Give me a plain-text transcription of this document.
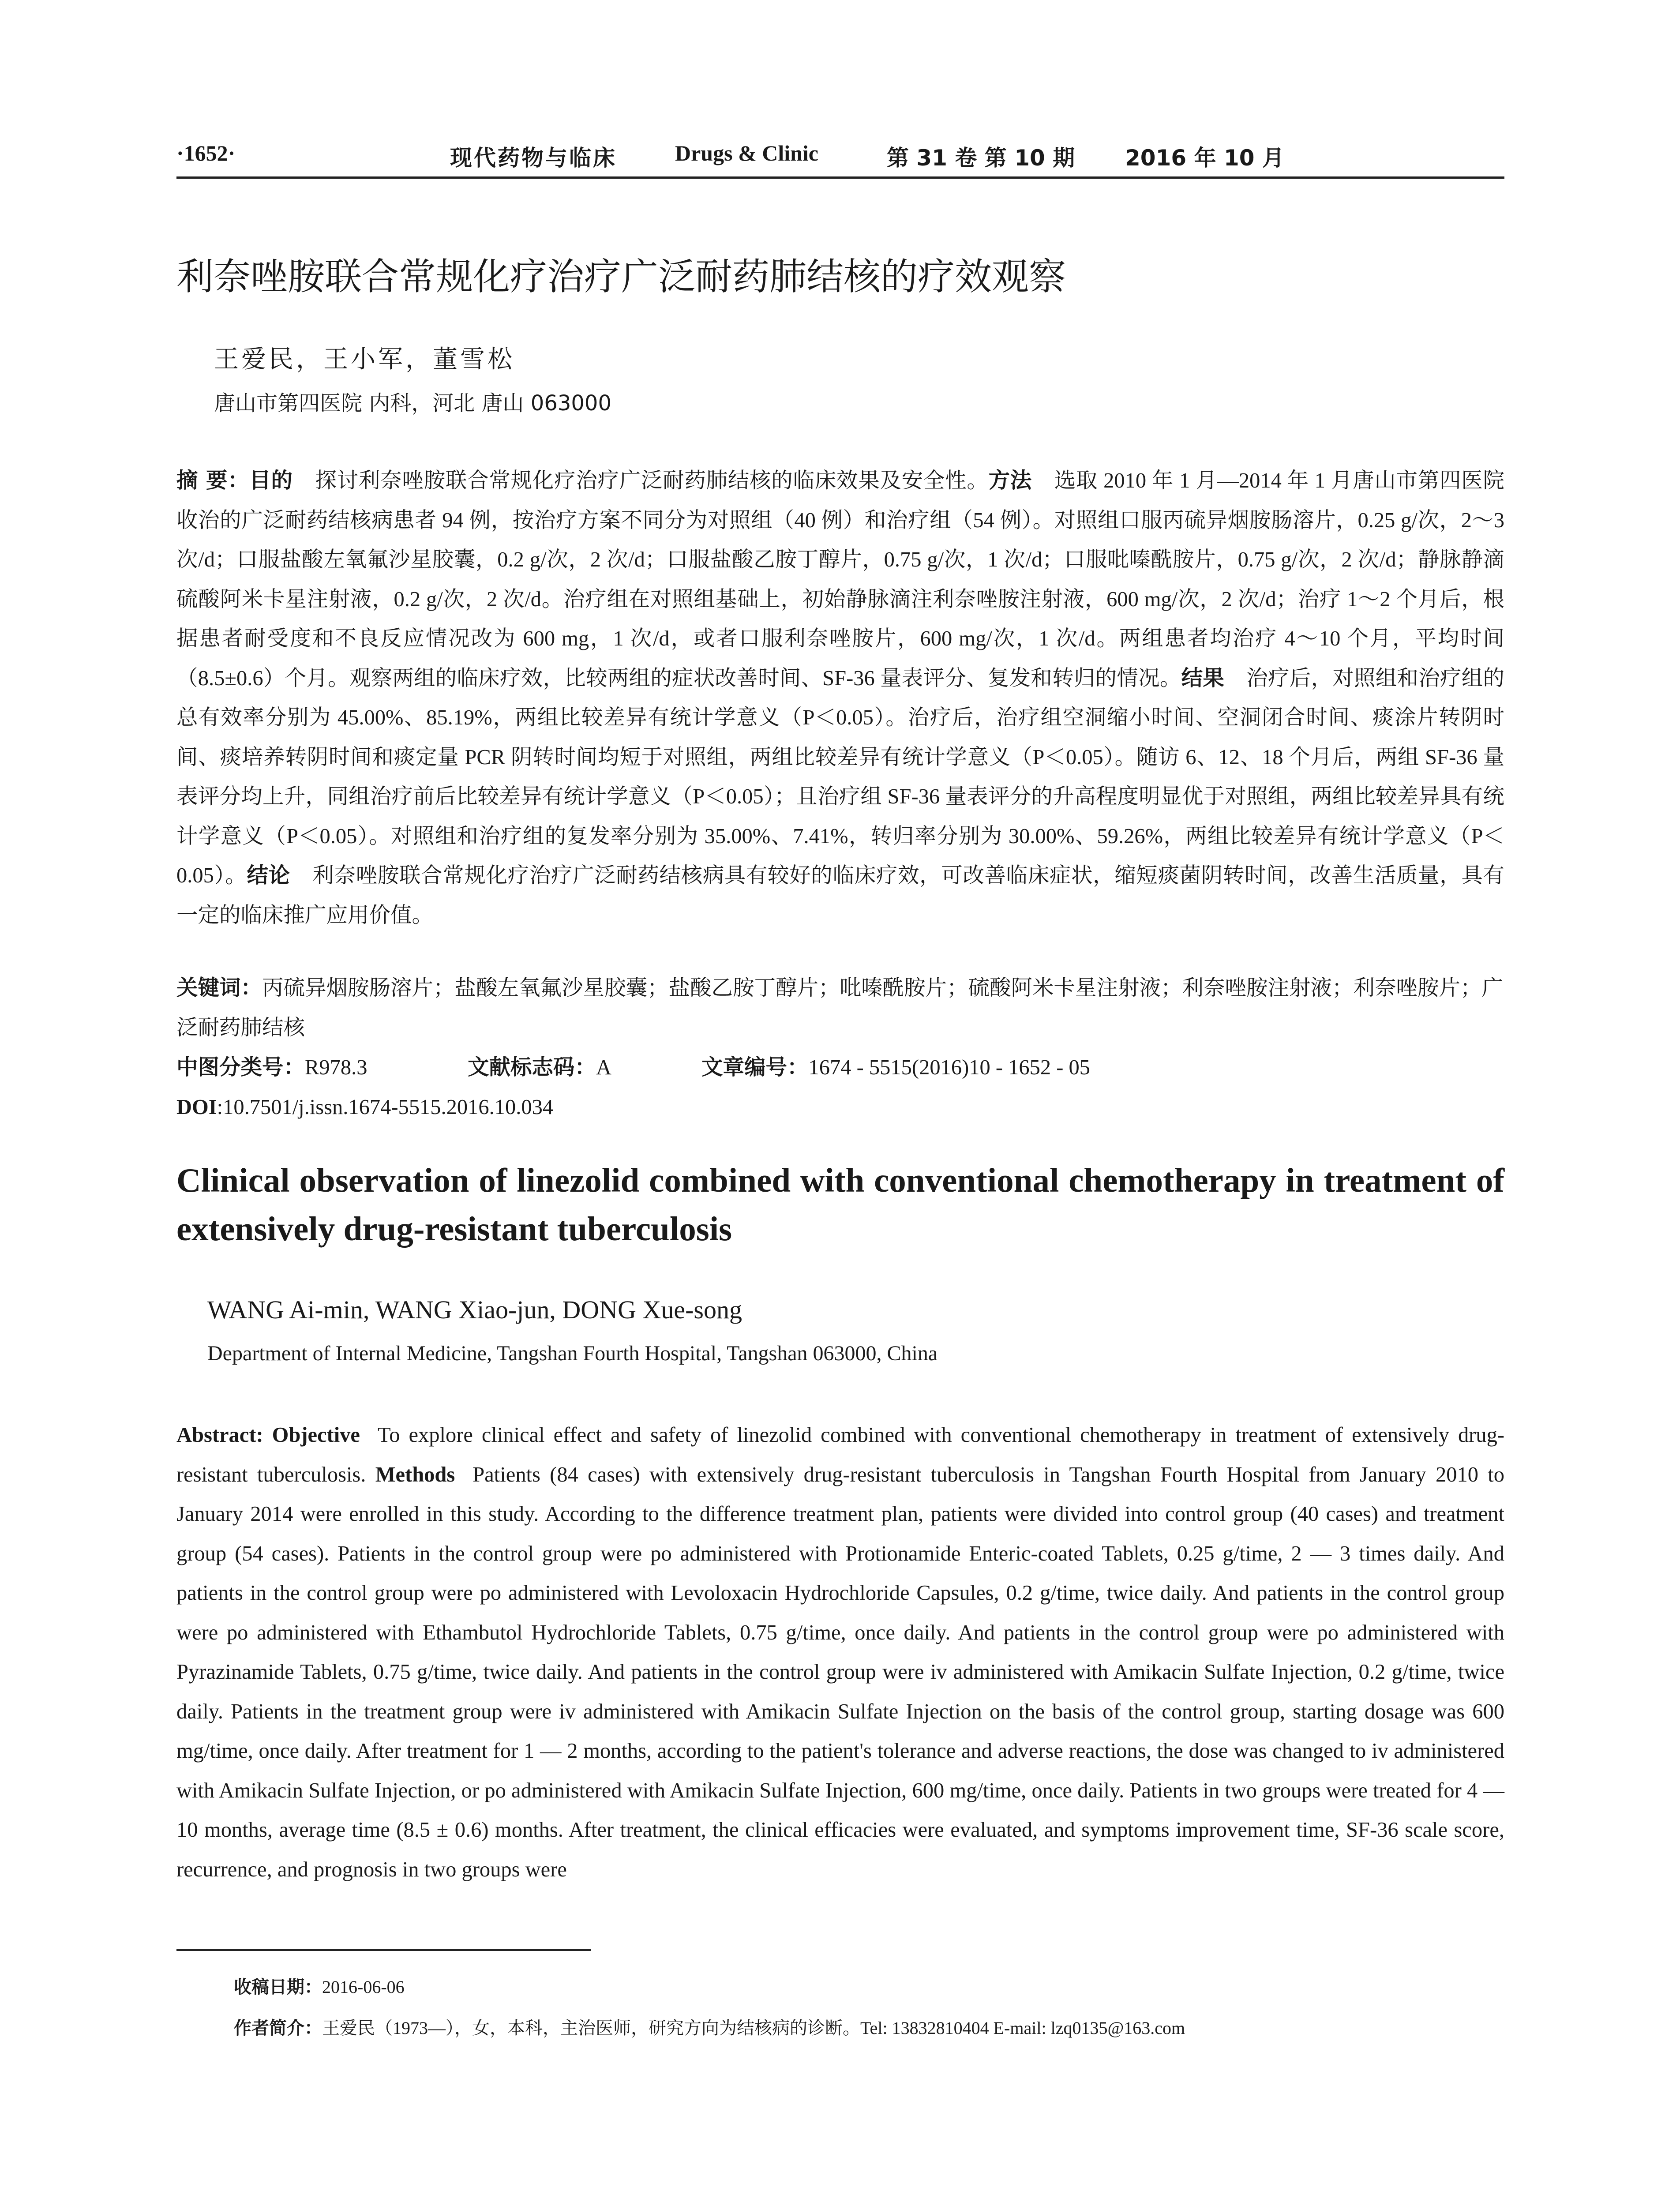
·1652·	现代药物与临床	Drugs & Clinic	第 31 卷 第 10 期 2016 年 10 月
利奈唑胺联合常规化疗治疗广泛耐药肺结核的疗效观察
王爱民，王小军，董雪松
唐山市第四医院 内科，河北 唐山 063000
摘 要：目的 探讨利奈唑胺联合常规化疗治疗广泛耐药肺结核的临床效果及安全性。方法 选取 2010 年 1 月—2014 年 1 月唐山市第四医院收治的广泛耐药结核病患者 94 例，按治疗方案不同分为对照组（40 例）和治疗组（54 例）。对照组口服丙硫异烟胺肠溶片，0.25 g/次，2～3 次/d；口服盐酸左氧氟沙星胶囊，0.2 g/次，2 次/d；口服盐酸乙胺丁醇片，0.75 g/次，1 次/d；口服吡嗪酰胺片，0.75 g/次，2 次/d；静脉静滴硫酸阿米卡星注射液，0.2 g/次，2 次/d。治疗组在对照组基础上，初始静脉滴注利奈唑胺注射液，600 mg/次，2 次/d；治疗 1～2 个月后，根据患者耐受度和不良反应情况改为 600 mg，1 次/d，或者口服利奈唑胺片，600 mg/次，1 次/d。两组患者均治疗 4～10 个月，平均时间（8.5±0.6）个月。观察两组的临床疗效，比较两组的症状改善时间、SF-36 量表评分、复发和转归的情况。结果 治疗后，对照组和治疗组的总有效率分别为 45.00%、85.19%，两组比较差异有统计学意义（P＜0.05）。治疗后，治疗组空洞缩小时间、空洞闭合时间、痰涂片转阴时间、痰培养转阴时间和痰定量 PCR 阴转时间均短于对照组，两组比较差异有统计学意义（P＜0.05）。随访 6、12、18 个月后，两组 SF-36 量表评分均上升，同组治疗前后比较差异有统计学意义（P＜0.05）；且治疗组 SF-36 量表评分的升高程度明显优于对照组，两组比较差异具有统计学意义（P＜0.05）。对照组和治疗组的复发率分别为 35.00%、7.41%，转归率分别为 30.00%、59.26%，两组比较差异有统计学意义（P＜0.05）。结论 利奈唑胺联合常规化疗治疗广泛耐药结核病具有较好的临床疗效，可改善临床症状，缩短痰菌阴转时间，改善生活质量，具有一定的临床推广应用价值。
关键词：丙硫异烟胺肠溶片；盐酸左氧氟沙星胶囊；盐酸乙胺丁醇片；吡嗪酰胺片；硫酸阿米卡星注射液；利奈唑胺注射液；利奈唑胺片；广泛耐药肺结核
中图分类号：R978.3	文献标志码：A	文章编号：1674 - 5515(2016)10 - 1652 - 05
DOI:10.7501/j.issn.1674-5515.2016.10.034
Clinical observation of linezolid combined with conventional chemotherapy in treatment of extensively drug-resistant tuberculosis
WANG Ai-min, WANG Xiao-jun, DONG Xue-song
Department of Internal Medicine, Tangshan Fourth Hospital, Tangshan 063000, China
Abstract: Objective To explore clinical effect and safety of linezolid combined with conventional chemotherapy in treatment of extensively drug-resistant tuberculosis. Methods Patients (84 cases) with extensively drug-resistant tuberculosis in Tangshan Fourth Hospital from January 2010 to January 2014 were enrolled in this study. According to the difference treatment plan, patients were divided into control group (40 cases) and treatment group (54 cases). Patients in the control group were po administered with Protionamide Enteric-coated Tablets, 0.25 g/time, 2 — 3 times daily. And patients in the control group were po administered with Levoloxacin Hydrochloride Capsules, 0.2 g/time, twice daily. And patients in the control group were po administered with Ethambutol Hydrochloride Tablets, 0.75 g/time, once daily. And patients in the control group were po administered with Pyrazinamide Tablets, 0.75 g/time, twice daily. And patients in the control group were iv administered with Amikacin Sulfate Injection, 0.2 g/time, twice daily. Patients in the treatment group were iv administered with Amikacin Sulfate Injection on the basis of the control group, starting dosage was 600 mg/time, once daily. After treatment for 1 — 2 months, according to the patient's tolerance and adverse reactions, the dose was changed to iv administered with Amikacin Sulfate Injection, or po administered with Amikacin Sulfate Injection, 600 mg/time, once daily. Patients in two groups were treated for 4 — 10 months, average time (8.5 ± 0.6) months. After treatment, the clinical efficacies were evaluated, and symptoms improvement time, SF-36 scale score, recurrence, and prognosis in two groups were
收稿日期：2016-06-06
作者简介：王爱民（1973—），女，本科，主治医师，研究方向为结核病的诊断。Tel: 13832810404 E-mail: lzq0135@163.com
